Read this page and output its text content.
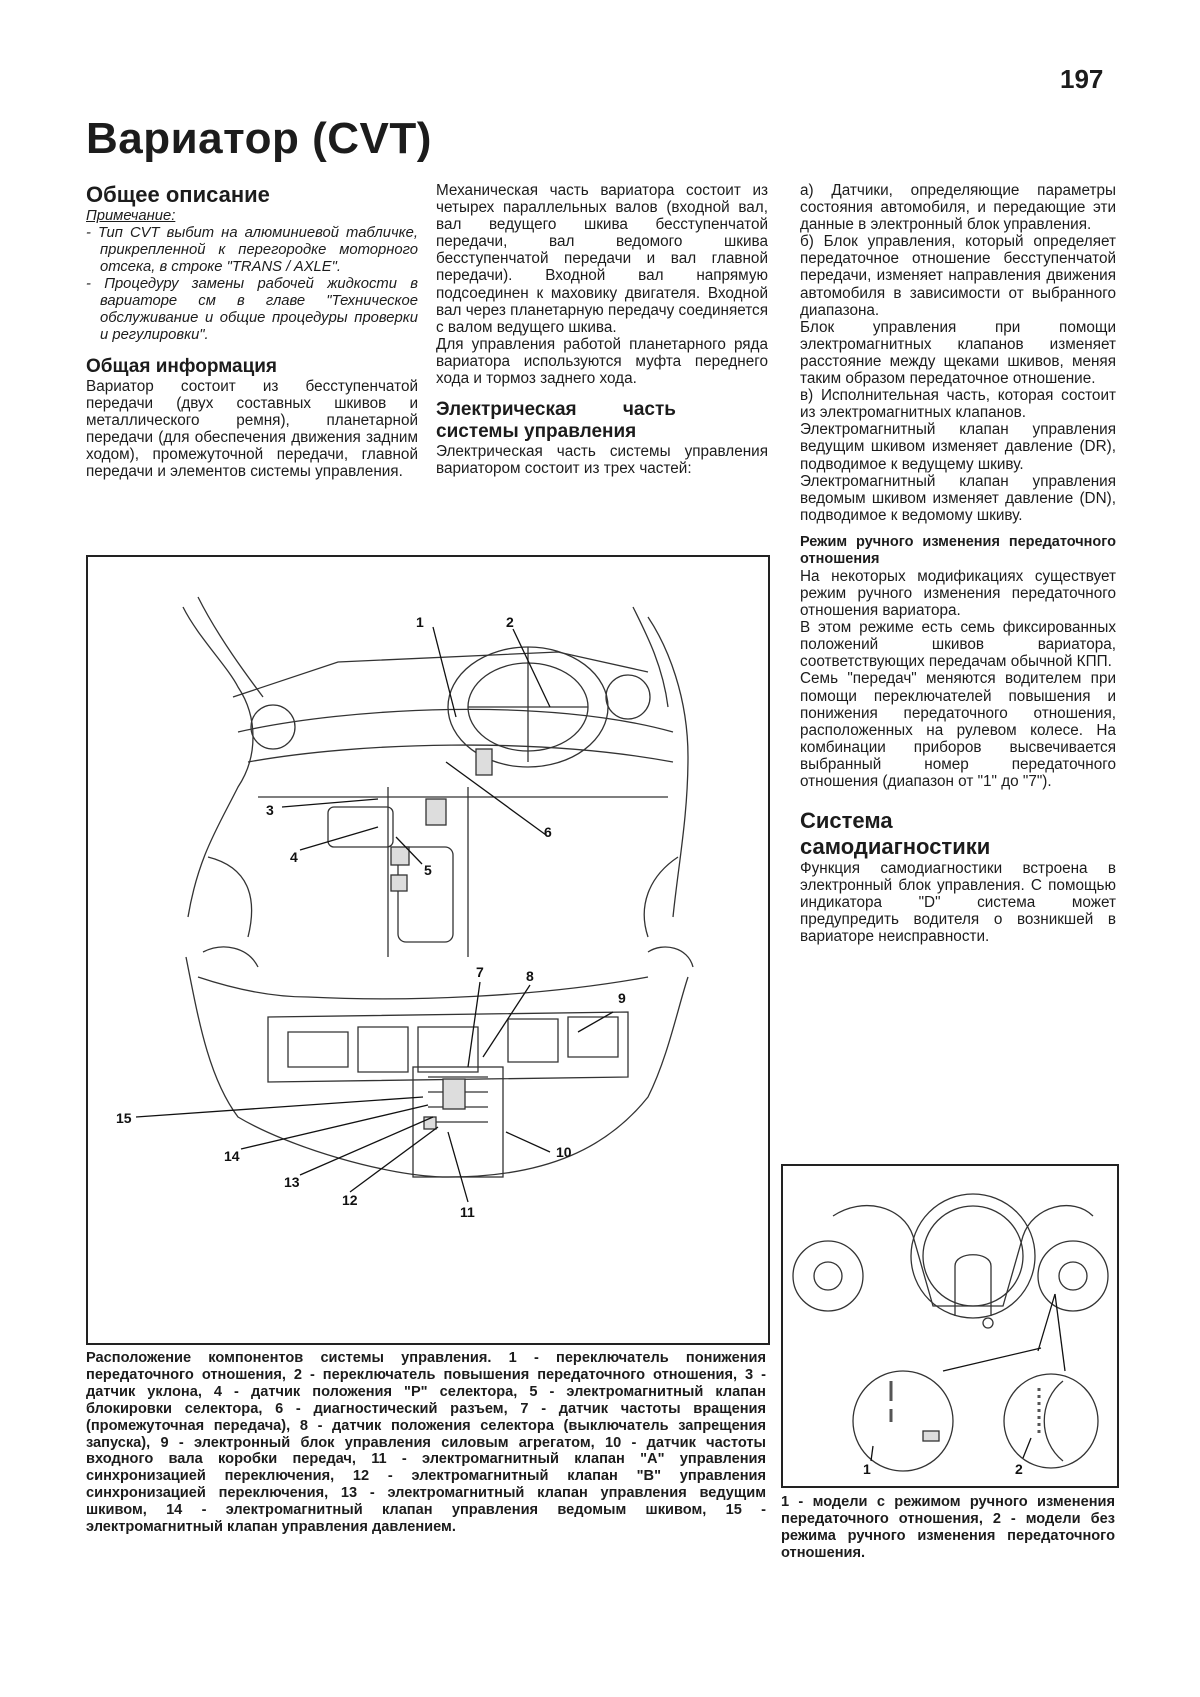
197
Вариатор (CVT)

Общее описание

Примечание:

- Тип CVT выбит на алюминиевой табличке, прикрепленной к перегородке моторного отсека, в строке "TRANS / AXLE".

- Процедуру замены рабочей жидкости в вариаторе см в главе "Техническое обслуживание и общие процедуры проверки и регулировки".

Общая информация

Вариатор состоит из бесступенчатой передачи (двух составных шкивов и металлического ремня), планетарной передачи (для обеспечения движения задним ходом), промежуточной передачи, главной передачи и элементов системы управления.

Механическая часть вариатора состоит из четырех параллельных валов (входной вал, вал ведущего шкива бесступенчатой передачи, вал ведомого шкива бесступенчатой передачи и вал главной передачи). Входной вал напрямую подсоединен к маховику двигателя. Входной вал через планетарную передачу соединяется с валом ведущего шкива.

Для управления работой планетарного ряда вариатора используются муфта переднего хода и тормоз заднего хода.

Электрическая часть системы управления

Электрическая часть системы управления вариатором состоит из трех частей:

а) Датчики, определяющие параметры состояния автомобиля, и передающие эти данные в электронный блок управления.

б) Блок управления, который определяет передаточное отношение бесступенчатой передачи, изменяет направления движения автомобиля в зависимости от выбранного диапазона.

Блок управления при помощи электромагнитных клапанов изменяет расстояние между щеками шкивов, меняя таким образом передаточное отношение.

в) Исполнительная часть, которая состоит из электромагнитных клапанов.

Электромагнитный клапан управления ведущим шкивом изменяет давление (DR), подводимое к ведущему шкиву.

Электромагнитный клапан управления ведомым шкивом изменяет давление (DN), подводимое к ведомому шкиву.

Режим ручного изменения передаточного отношения

На некоторых модификациях существует режим ручного изменения передаточного отношения вариатора.

В этом режиме есть семь фиксированных положений шкивов вариатора, соответствующих передачам обычной КПП.

Семь "передач" меняются водителем при помощи переключателей повышения и понижения передаточного отношения, расположенных на рулевом колесе. На комбинации приборов высвечивается выбранный номер передаточного отношения (диапазон от "1" до "7").

Система самодиагностики

Функция самодиагностики встроена в электронный блок управления. С помощью индикатора "D" система может предупредить водителя о возникшей в вариаторе неисправности.

1	2
3
4
5
6
7	8
9
10
11
12
13
14
15
Расположение компонентов системы управления. 1 - переключатель понижения передаточного отношения, 2 - переключатель повышения передаточного отношения, 3 - датчик уклона, 4 - датчик положения "P" селектора, 5 - электромагнитный клапан блокировки селектора, 6 - диагностический разъем, 7 - датчик частоты вращения (промежуточная передача), 8 - датчик положения селектора (выключатель запрещения запуска), 9 - электронный блок управления силовым агрегатом, 10 - датчик частоты входного вала коробки передач, 11 - электромагнитный клапан "A" управления синхронизацией переключения, 12 - электромагнитный клапан "B" управления синхронизацией переключения, 13 - электромагнитный клапан управления ведущим шкивом, 14 - электромагнитный клапан управления ведомым шкивом, 15 - электромагнитный клапан управления давлением.
1	2
1 - модели с режимом ручного изменения передаточного отношения, 2 - модели без режима ручного изменения передаточного отношения.
